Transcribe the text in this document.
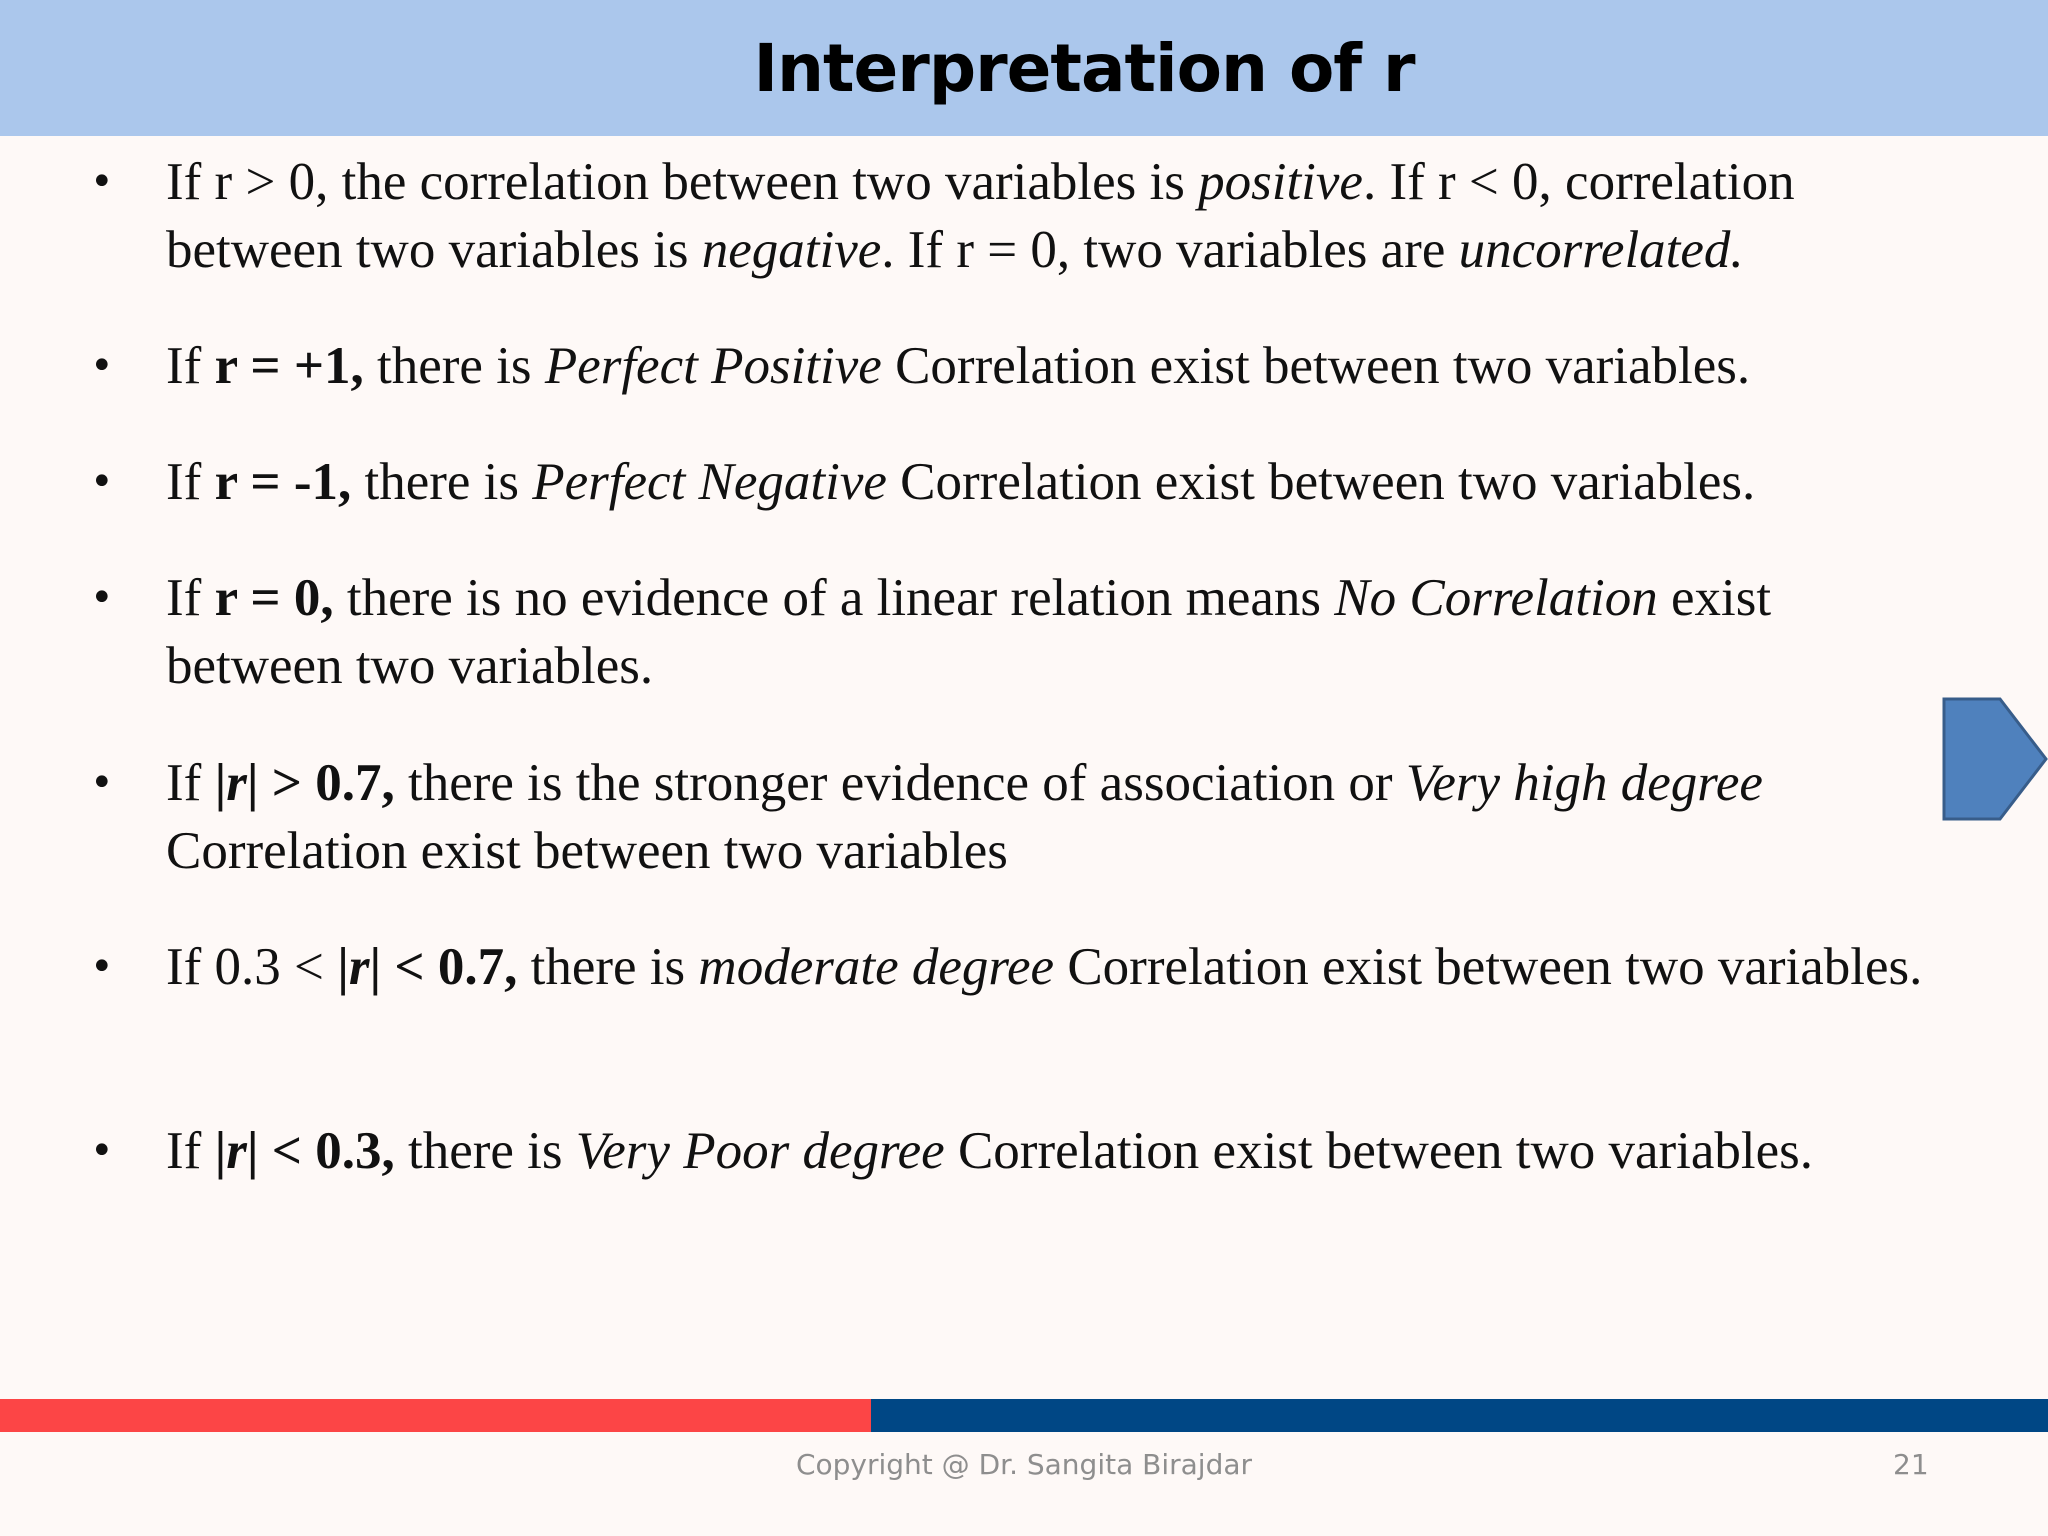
Interpretation of r
• If r > 0, the correlation between two variables is positive. If r < 0, correlation between two variables is negative. If r = 0, two variables are uncorrelated.
• If r = +1, there is Perfect Positive Correlation exist between two variables.
• If r = -1, there is Perfect Negative Correlation exist between two variables.
• If r = 0, there is no evidence of a linear relation means No Correlation exist between two variables.
• If |r| > 0.7, there is the stronger evidence of association or Very high degree Correlation exist between two variables
• If 0.3 < |r| < 0.7, there is moderate degree Correlation exist between two variables.
• If |r| < 0.3, there is Very Poor degree Correlation exist between two variables.
Copyright @ Dr. Sangita Birajdar	21
